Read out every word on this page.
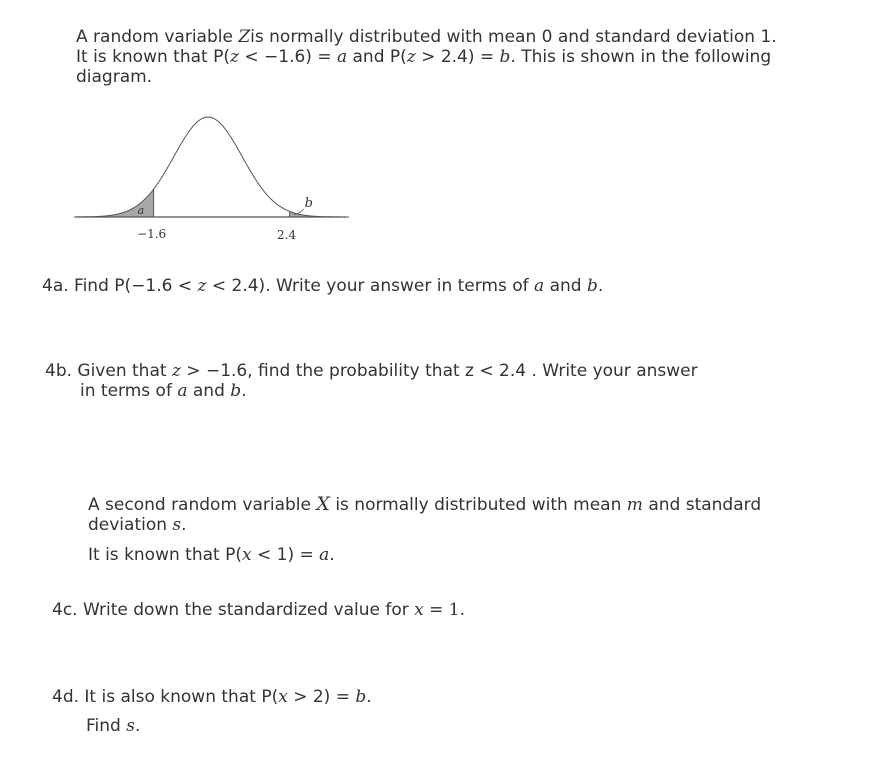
A random variable Zis normally distributed with mean 0 and standard deviation 1.
It is known that P(z < −1.6) = a and P(z > 2.4) = b. This is shown in the following
diagram.
a	b
−1.6	2.4
4a. Find P(−1.6 < z < 2.4). Write your answer in terms of a and b.
4b. Given that z > −1.6, find the probability that z < 2.4 . Write your answer
in terms of a and b.
A second random variable X is normally distributed with mean m and standard
deviation s.
It is known that P(x < 1) = a.
4c. Write down the standardized value for x = 1.
4d. It is also known that P(x > 2) = b.
Find s.
